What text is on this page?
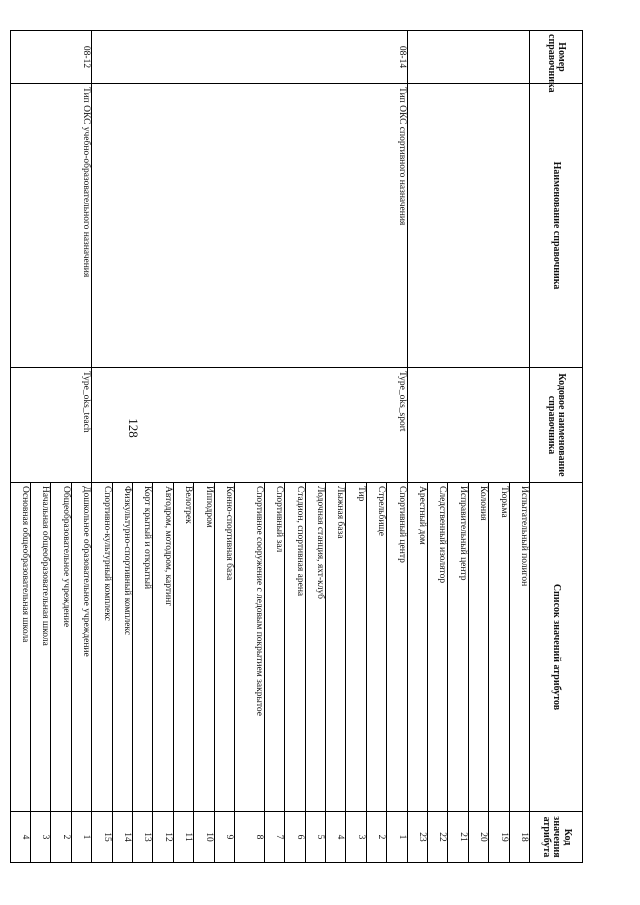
128
Номер справочника	Наименование справочника	Кодовое наименование справочника	Список значений атрибутов	Код значения атрибута
			Испытательный полигон	18
			Тюрьма	19
			Колония	20
			Исправительный центр	21
			Следственный изолятор	22
			Арестный дом	23
08-14	Тип ОКС спортивного назначения	Type_oks_sport	Спортивный центр	1
			Стрельбище	2
			Тир	3
			Лыжная база	4
			Лодочная станция, яхт-клуб	5
			Стадион, спортивная арена	6
			Спортивный зал	7
			Спортивное сооружение с ледовым покрытием закрытое	8
			Конно-спортивная база	9
			Ипподром	10
			Велотрек	11
			Автодром, мотодром, картинг	12
			Корт крытый и открытый	13
			Физкультурно-спортивный комплекс	14
			Спортивно-культурный комплекс	15
08-12	Тип ОКС учебно-образовательного назначения	Type_oks_teach	Дошкольное образовательное учреждение	1
			Общеобразовательное учреждение	2
			Начальная общеобразовательная школа	3
			Основная общеобразовательная школа	4
